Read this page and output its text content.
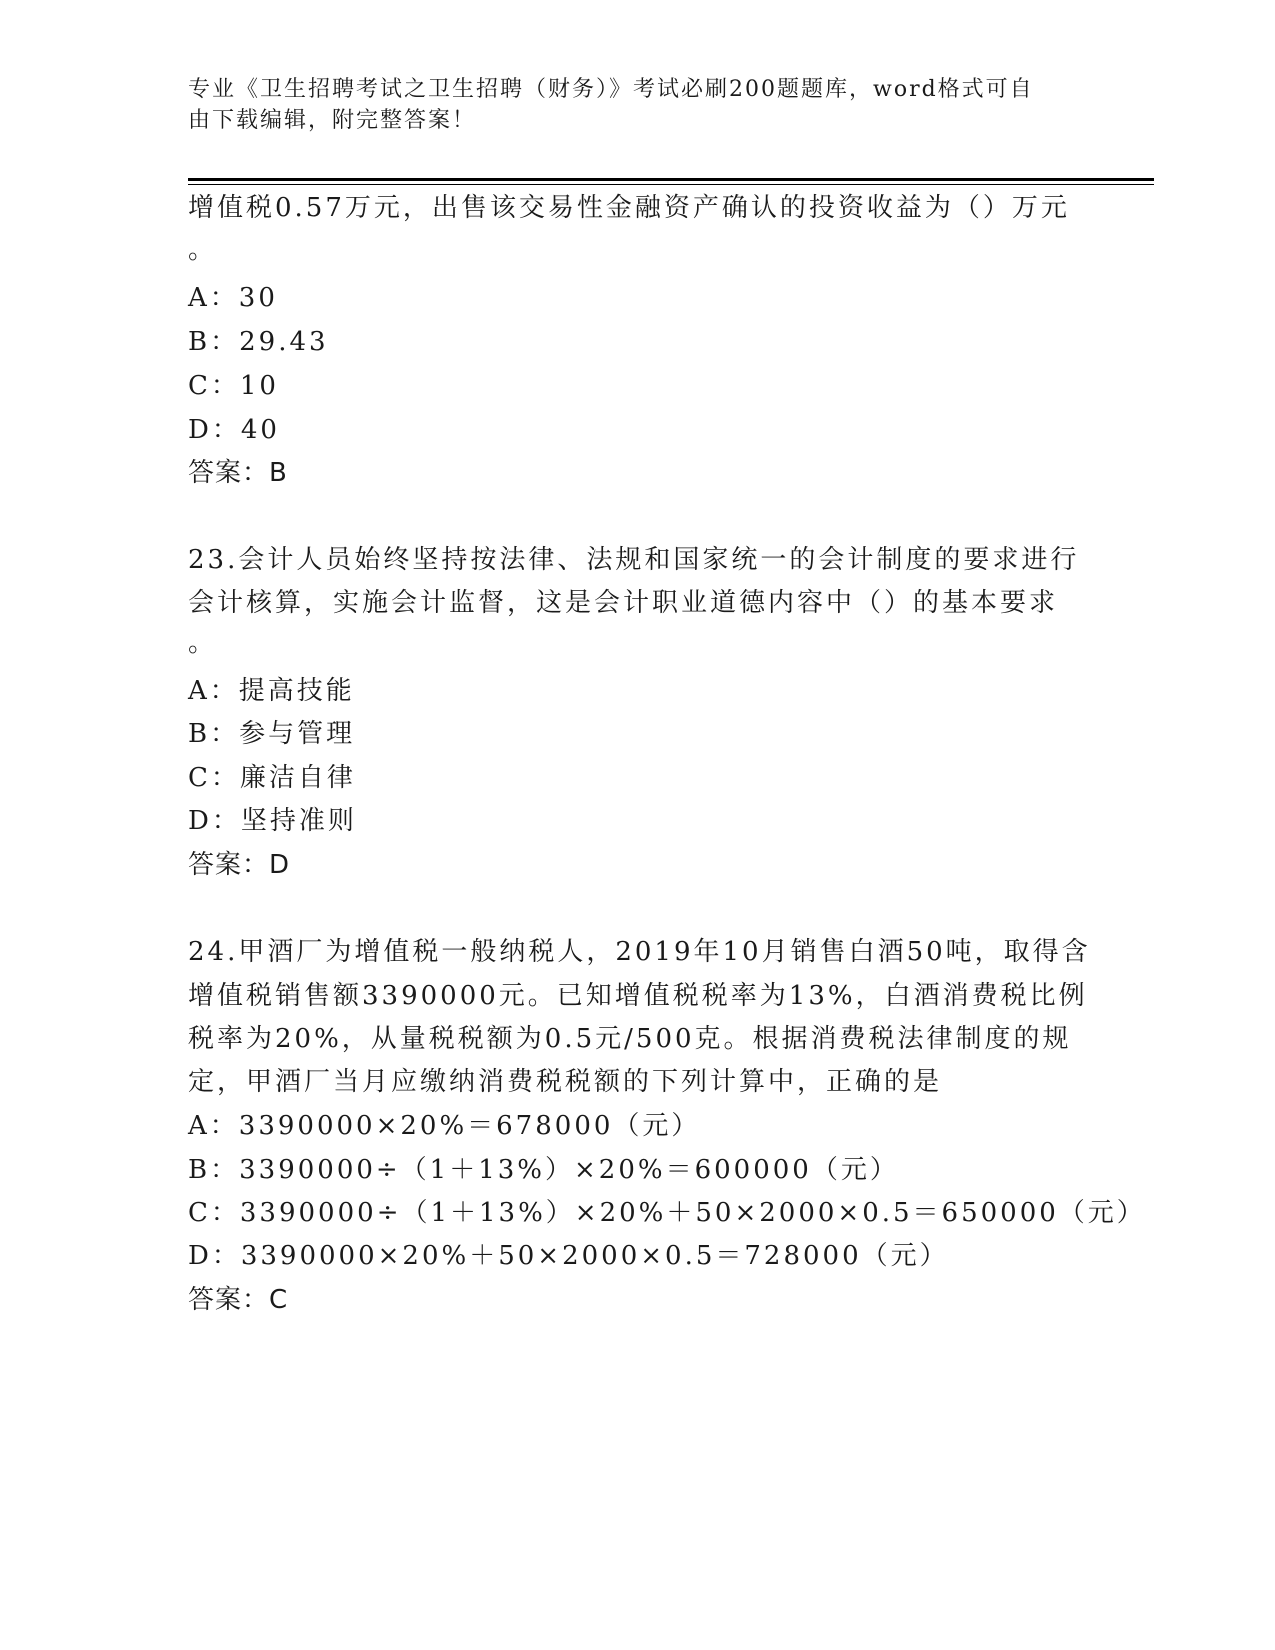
专业《卫生招聘考试之卫生招聘（财务）》考试必刷200题题库，word格式可自
由下载编辑，附完整答案！
增值税0.57万元，出售该交易性金融资产确认的投资收益为（）万元
。
A：30
B：29.43
C：10
D：40
答案：B
23.会计人员始终坚持按法律、法规和国家统一的会计制度的要求进行
会计核算，实施会计监督，这是会计职业道德内容中（）的基本要求
。
A：提高技能
B：参与管理
C：廉洁自律
D：坚持准则
答案：D
24.甲酒厂为增值税一般纳税人，2019年10月销售白酒50吨，取得含
增值税销售额3390000元。已知增值税税率为13%，白酒消费税比例
税率为20%，从量税税额为0.5元/500克。根据消费税法律制度的规
定，甲酒厂当月应缴纳消费税税额的下列计算中，正确的是
A：3390000×20%＝678000（元）
B：3390000÷（1＋13%）×20%＝600000（元）
C：3390000÷（1＋13%）×20%＋50×2000×0.5＝650000（元）
D：3390000×20%＋50×2000×0.5＝728000（元）
答案：C
